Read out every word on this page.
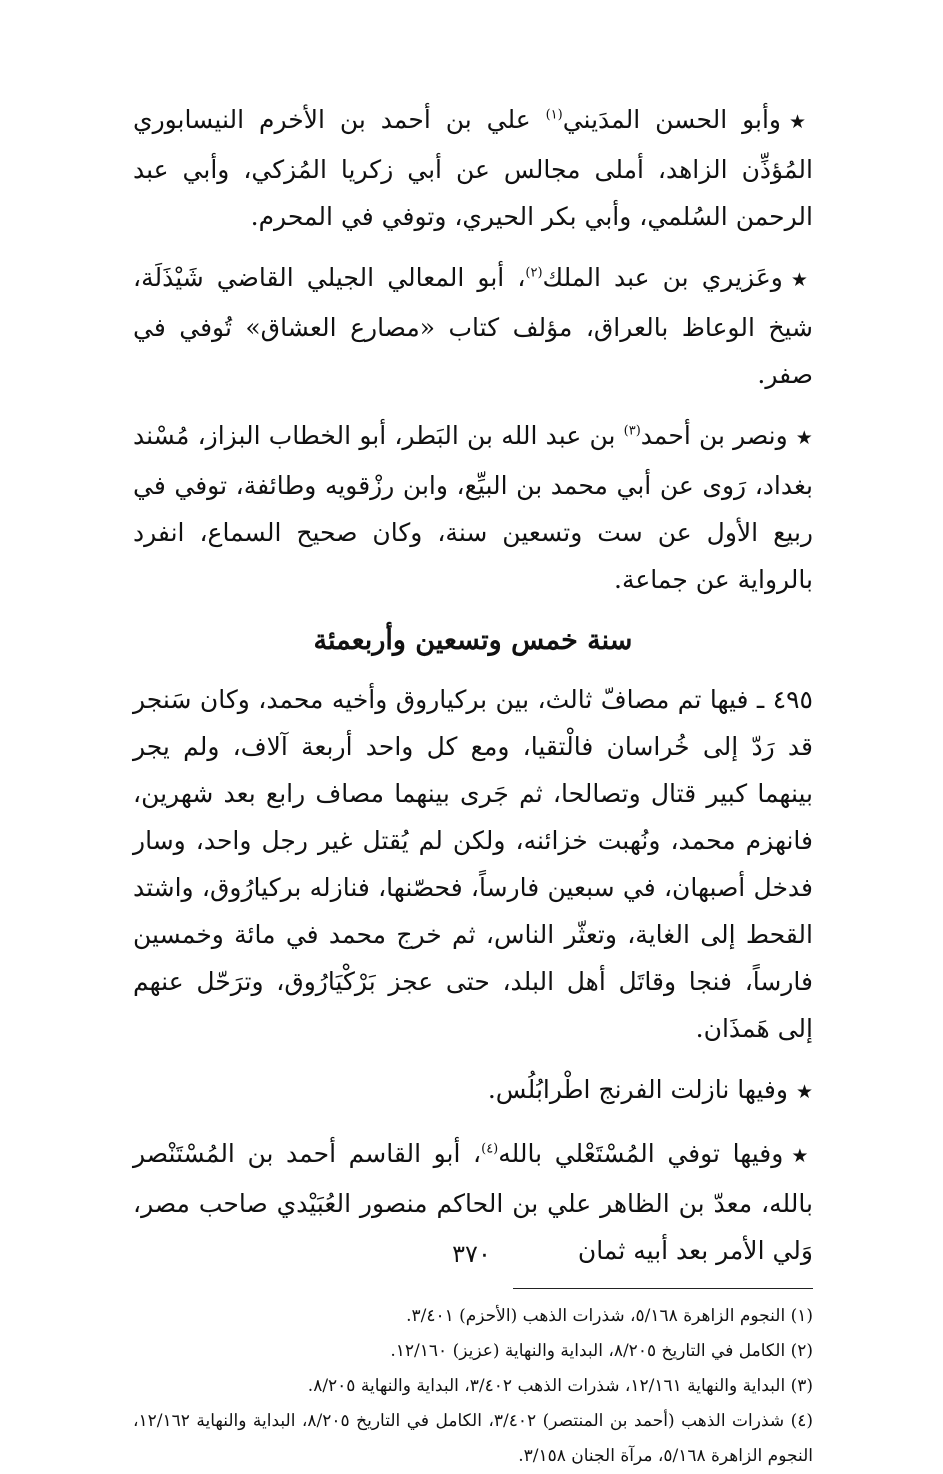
★وأبو الحسن المدَيني$^{(١)}$ علي بن أحمد بن الأخرم النيسابوري المُؤذِّن الزاهد، أملى مجالس عن أبي زكريا المُزكي، وأبي عبد الرحمن السُلمي، وأبي بكر الحيري، وتوفي في المحرم.

★وعَزيري بن عبد الملك$^{(٢)}$، أبو المعالي الجيلي القاضي شَيْذَلَة، شيخ الوعاظ بالعراق، مؤلف كتاب «مصارع العشاق» تُوفي في صفر.

★ونصر بن أحمد$^{(٣)}$ بن عبد الله بن البَطر، أبو الخطاب البزاز، مُسْند بغداد، رَوى عن أبي محمد بن البيِّع، وابن رزْقويه وطائفة، توفي في ربيع الأول عن ست وتسعين سنة، وكان صحيح السماع، انفرد بالرواية عن جماعة.

سنة خمس وتسعين وأربعمئة

٤٩٥ ـ فيها تم مصافّ ثالث، بين بركياروق وأخيه محمد، وكان سَنجر قد رَدّ إلى خُراسان فالْتقيا، ومع كل واحد أربعة آلاف، ولم يجر بينهما كبير قتال وتصالحا، ثم جَرى بينهما مصاف رابع بعد شهرين، فانهزم محمد، ونُهبت خزائنه، ولكن لم يُقتل غير رجل واحد، وسار فدخل أصبهان، في سبعين فارساً، فحصّنها، فنازله بركيارُوق، واشتد القحط إلى الغاية، وتعثّر الناس، ثم خرج محمد في مائة وخمسين فارساً، فنجا وقاتَل أهل البلد، حتى عجز بَرْكْيَارُوق، وترَحّل عنهم إلى هَمذَان.

★وفيها نازلت الفرنج اطْرابُلُس.

★وفيها توفي المُسْتَعْلي بالله$^{(٤)}$، أبو القاسم أحمد بن المُسْتَنْصر بالله، معدّ بن الظاهر علي بن الحاكم منصور العُبَيْدي صاحب مصر، وَلي الأمر بعد أبيه ثمان

(١) النجوم الزاهرة ٥/١٦٨، شذرات الذهب (الأحزم) ٣/٤٠١.

(٢) الكامل في التاريخ ٨/٢٠٥، البداية والنهاية (عزيز) ١٢/١٦٠.

(٣) البداية والنهاية ١٢/١٦١، شذرات الذهب ٣/٤٠٢، البداية والنهاية ٨/٢٠٥.

(٤) شذرات الذهب (أحمد بن المنتصر) ٣/٤٠٢، الكامل في التاريخ ٨/٢٠٥، البداية والنهاية ١٢/١٦٢، النجوم الزاهرة ٥/١٦٨، مرآة الجنان ٣/١٥٨.

٣٧٠
